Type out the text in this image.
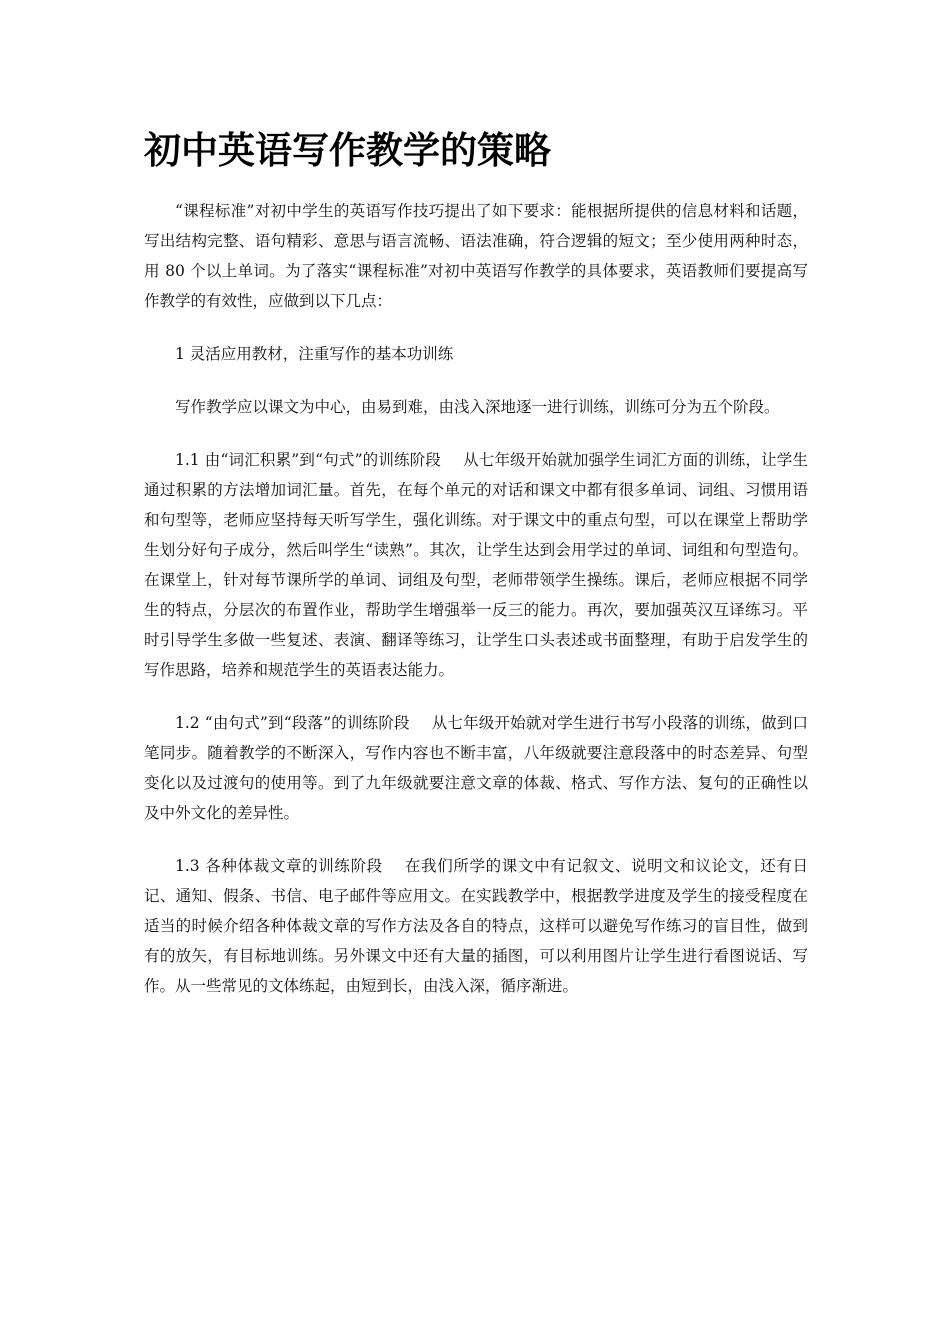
初中英语写作教学的策略

“课程标准”对初中学生的英语写作技巧提出了如下要求：能根据所提供的信息材料和话题，写出结构完整、语句精彩、意思与语言流畅、语法准确，符合逻辑的短文；至少使用两种时态，用 80 个以上单词。为了落实“课程标准”对初中英语写作教学的具体要求，英语教师们要提高写作教学的有效性，应做到以下几点：

1 灵活应用教材，注重写作的基本功训练

写作教学应以课文为中心，由易到难，由浅入深地逐一进行训练，训练可分为五个阶段。

1.1 由“词汇积累”到“句式”的训练阶段 从七年级开始就加强学生词汇方面的训练，让学生通过积累的方法增加词汇量。首先，在每个单元的对话和课文中都有很多单词、词组、习惯用语和句型等，老师应坚持每天听写学生，强化训练。对于课文中的重点句型，可以在课堂上帮助学生划分好句子成分，然后叫学生“读熟”。其次，让学生达到会用学过的单词、词组和句型造句。在课堂上，针对每节课所学的单词、词组及句型，老师带领学生操练。课后，老师应根据不同学生的特点，分层次的布置作业，帮助学生增强举一反三的能力。再次，要加强英汉互译练习。平时引导学生多做一些复述、表演、翻译等练习，让学生口头表述或书面整理，有助于启发学生的写作思路，培养和规范学生的英语表达能力。

1.2 “由句式”到“段落”的训练阶段 从七年级开始就对学生进行书写小段落的训练，做到口笔同步。随着教学的不断深入，写作内容也不断丰富，八年级就要注意段落中的时态差异、句型变化以及过渡句的使用等。到了九年级就要注意文章的体裁、格式、写作方法、复句的正确性以及中外文化的差异性。

1.3 各种体裁文章的训练阶段 在我们所学的课文中有记叙文、说明文和议论文，还有日记、通知、假条、书信、电子邮件等应用文。在实践教学中，根据教学进度及学生的接受程度在适当的时候介绍各种体裁文章的写作方法及各自的特点，这样可以避免写作练习的盲目性，做到有的放矢，有目标地训练。另外课文中还有大量的插图，可以利用图片让学生进行看图说话、写作。从一些常见的文体练起，由短到长，由浅入深，循序渐进。
